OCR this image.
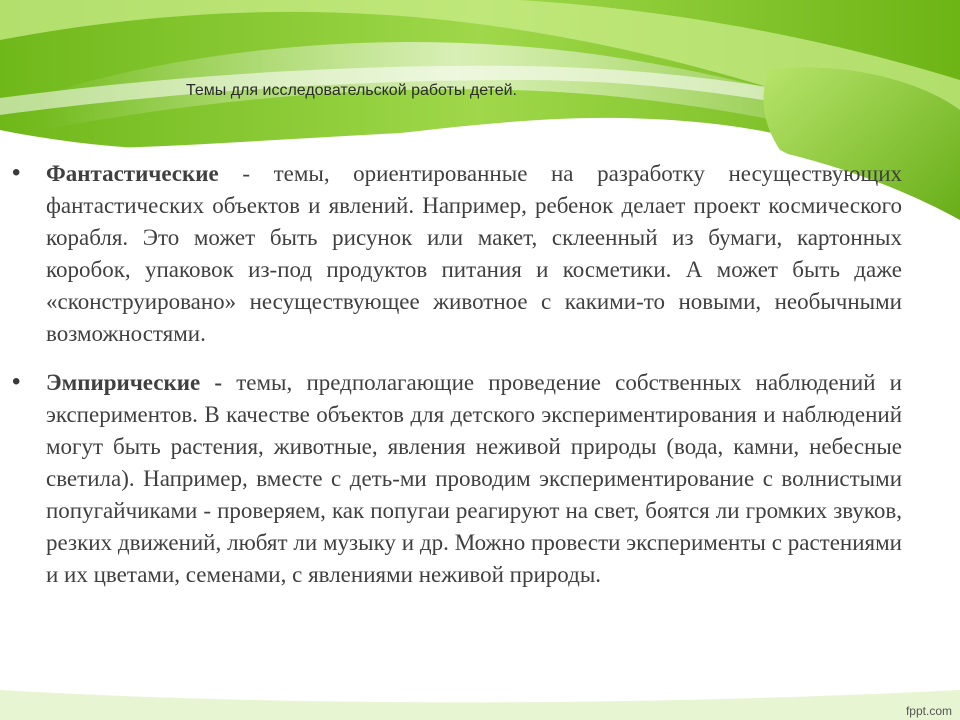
Темы для исследовательской работы детей.
•	Фантастические - темы, ориентированные на разработку несуществующих фантастических объектов и явлений. Например, ребенок делает проект космического корабля. Это может быть рисунок или макет, склеенный из бумаги, картонных коробок, упаковок из-под продуктов питания и косметики. А может быть даже «сконструировано» несуществующее животное с какими-то новыми, необычными возможностями.

•	Эмпирические - темы, предполагающие проведение собственных наблюдений и экспериментов. В качестве объектов для детского экспериментирования и наблюдений могут быть растения, животные, явления неживой природы (вода, камни, небесные светила). Например, вместе с деть-ми проводим экспериментирование с волнистыми попугайчиками - проверяем, как попугаи реагируют на свет, боятся ли громких звуков, резких движений, любят ли музыку и др. Можно провести эксперименты с растениями и их цветами, семенами, с явлениями неживой природы.

fppt.com
